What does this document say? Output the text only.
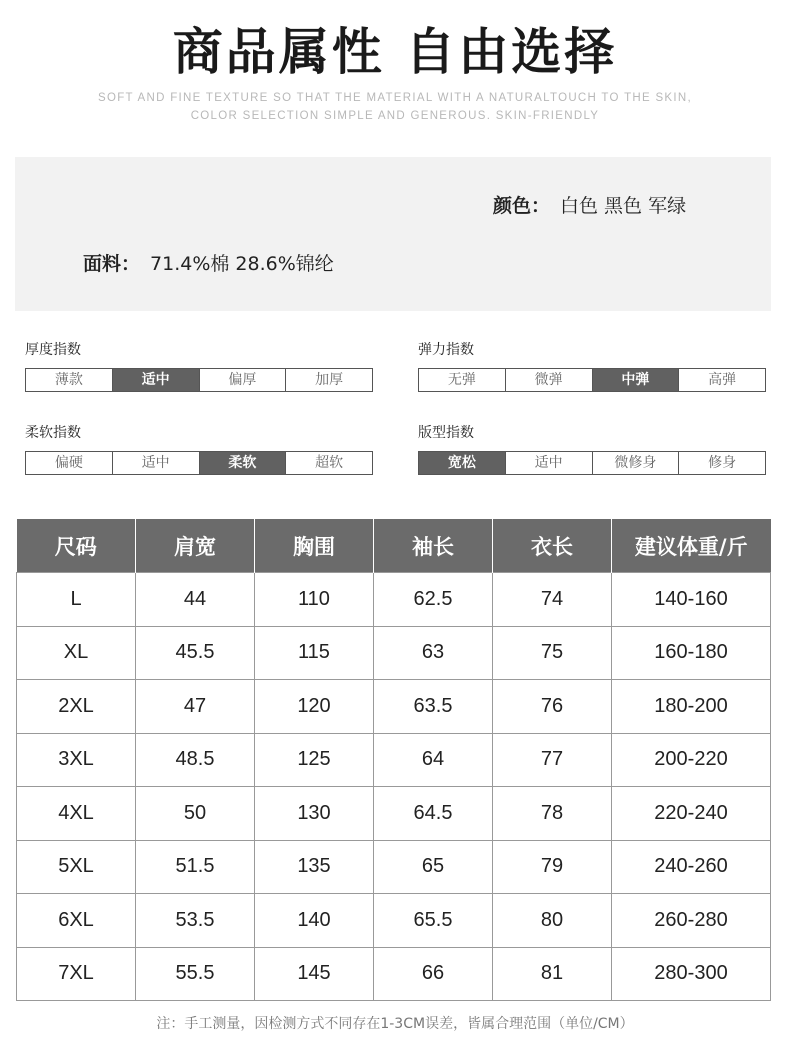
商品属性 自由选择
SOFT AND FINE TEXTURE SO THAT THE MATERIAL WITH A NATURALTOUCH TO THE SKIN,
COLOR SELECTION SIMPLE AND GENEROUS. SKIN-FRIENDLY
颜色： 白色 黑色 军绿
面料： 71.4%棉 28.6%锦纶
厚度指数
薄款	适中	偏厚	加厚
弹力指数
无弹	微弹	中弹	高弹
柔软指数
偏硬	适中	柔软	超软
版型指数
宽松	适中	微修身	修身
尺码	肩宽	胸围	袖长	衣长	建议体重/斤
L	44	110	62.5	74	140-160
XL	45.5	115	63	75	160-180
2XL	47	120	63.5	76	180-200
3XL	48.5	125	64	77	200-220
4XL	50	130	64.5	78	220-240
5XL	51.5	135	65	79	240-260
6XL	53.5	140	65.5	80	260-280
7XL	55.5	145	66	81	280-300
注：手工测量，因检测方式不同存在1-3CM误差，皆属合理范围（单位/CM）
